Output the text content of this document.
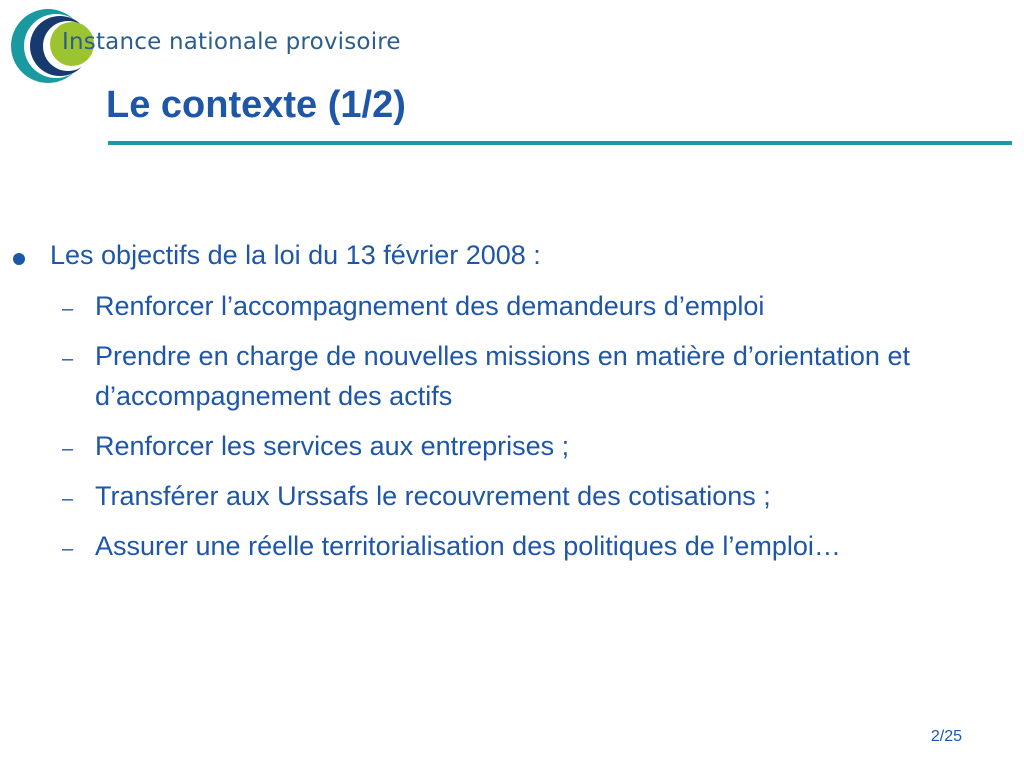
Instance nationale provisoire
Le contexte (1/2)
Les objectifs de la loi du 13 février 2008 :
– Renforcer l’accompagnement des demandeurs d’emploi
– Prendre en charge de nouvelles missions en matière d’orientation et d’accompagnement des actifs
– Renforcer les services aux entreprises ;
– Transférer aux Urssafs le recouvrement des cotisations ;
– Assurer une réelle territorialisation des politiques de l’emploi…
2/25
